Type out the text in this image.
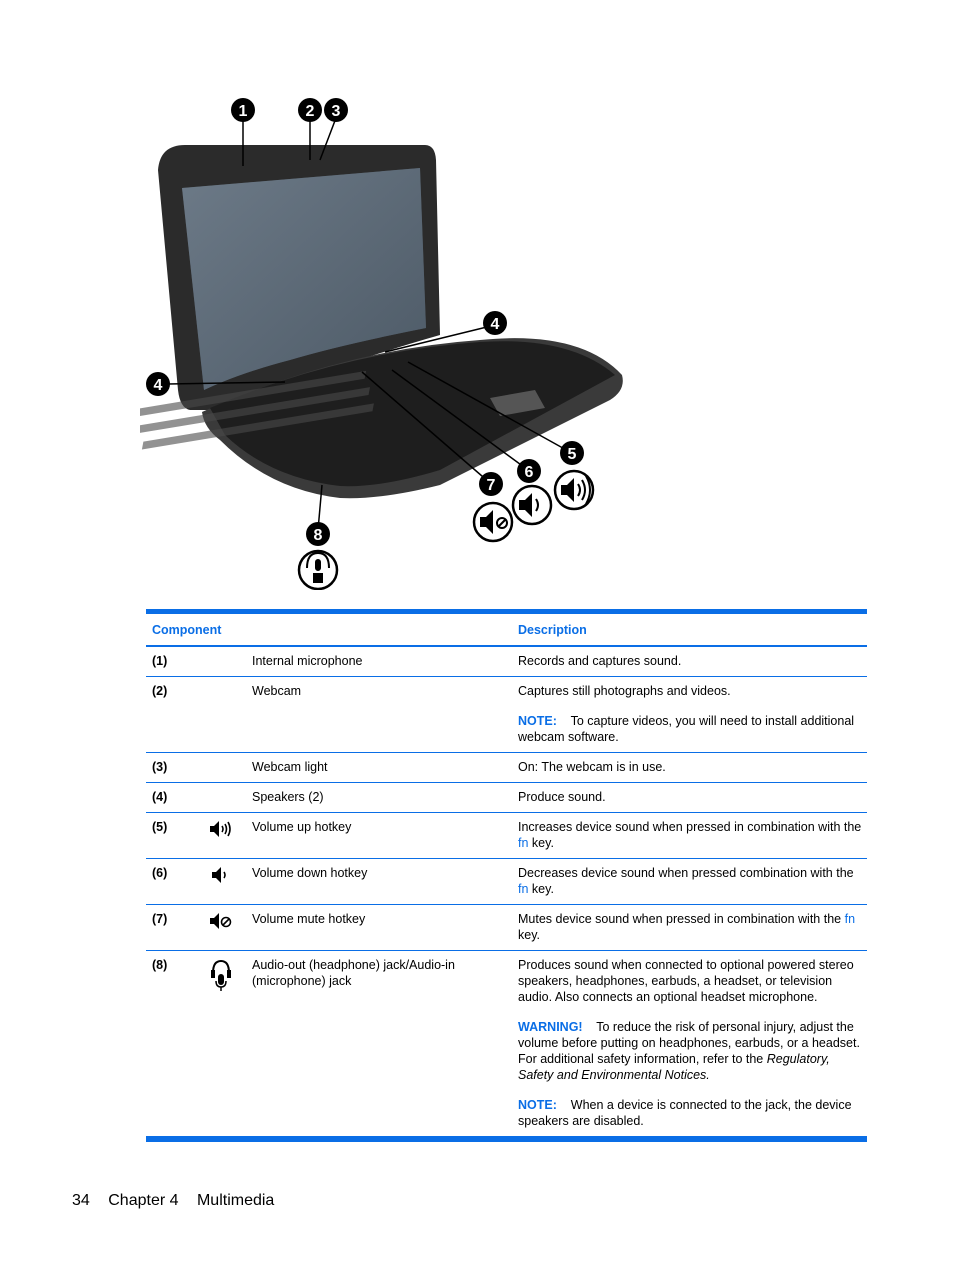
1	2 3
4
4
5
6
7
8
Component	Description
(1)	Internal microphone	Records and captures sound.
(2)	Webcam	Captures still photographs and videos.

NOTE: To capture videos, you will need to install additional webcam software.

(3)	Webcam light	On: The webcam is in use.
(4)	Speakers (2)	Produce sound.
(5)	Volume up hotkey	Increases device sound when pressed in combination with the fn key.
(6)	Volume down hotkey	Decreases device sound when pressed combination with the fn key.
(7)	Volume mute hotkey	Mutes device sound when pressed in combination with the fn key.
(8)	Audio-out (headphone) jack/Audio-in (microphone) jack

Produces sound when connected to optional powered stereo speakers, headphones, earbuds, a headset, or television audio. Also connects an optional headset microphone.

WARNING! To reduce the risk of personal injury, adjust the volume before putting on headphones, earbuds, or a headset. For additional safety information, refer to the Regulatory, Safety and Environmental Notices.

NOTE: When a device is connected to the jack, the device speakers are disabled.

34 Chapter 4 Multimedia
